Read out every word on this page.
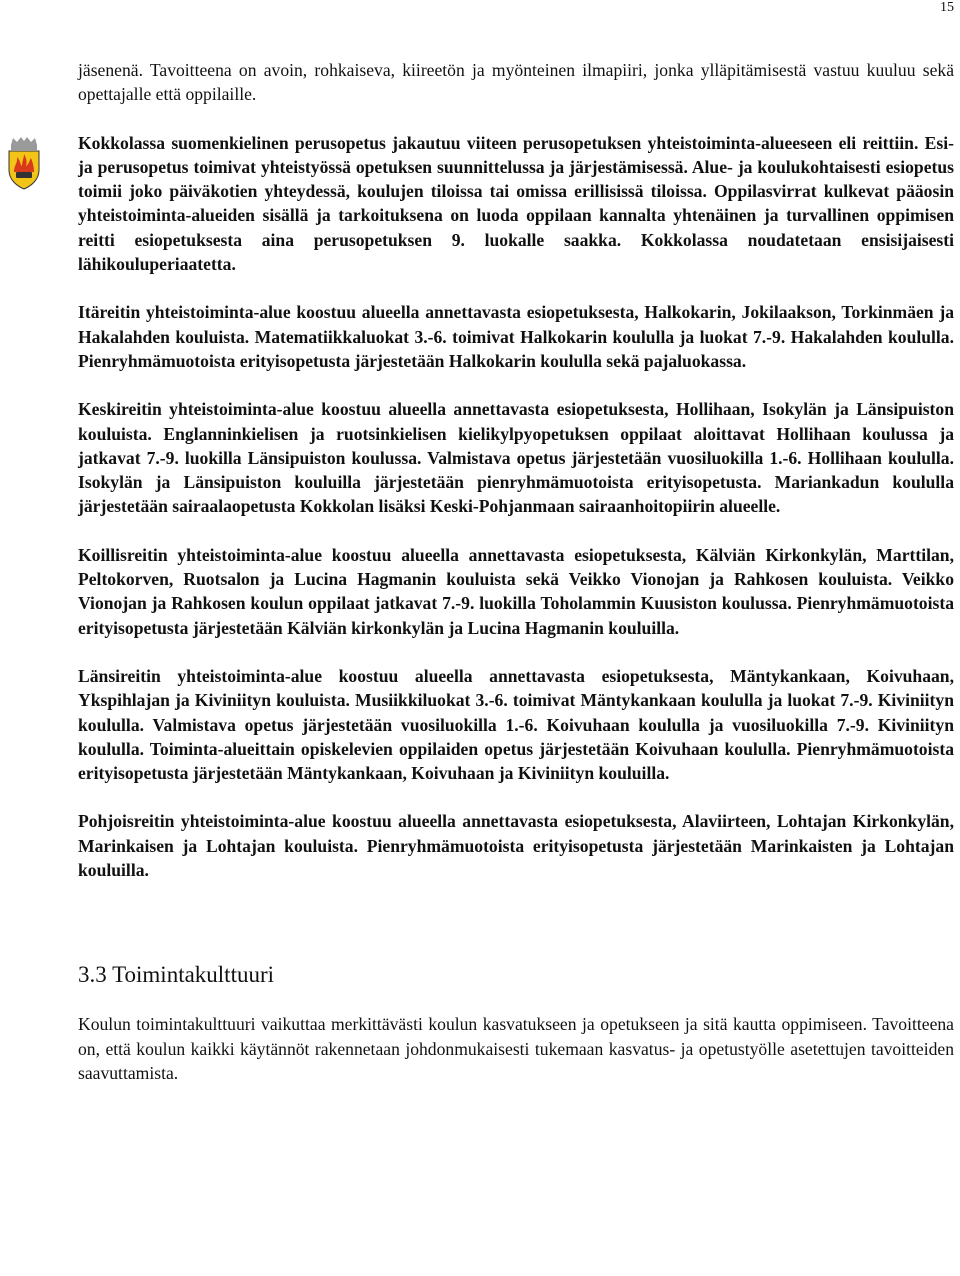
15

jäsenenä. Tavoitteena on avoin, rohkaiseva, kiireetön ja myönteinen ilmapiiri, jonka ylläpitämisestä vastuu kuuluu sekä opettajalle että oppilaille.

Kokkolassa suomenkielinen perusopetus jakautuu viiteen perusopetuksen yhteistoiminta-alueeseen eli reittiin. Esi- ja perusopetus toimivat yhteistyössä opetuksen suunnittelussa ja järjestämisessä. Alue- ja koulukohtaisesti esiopetus toimii joko päiväkotien yhteydessä, koulujen tiloissa tai omissa erillisissä tiloissa. Oppilasvirrat kulkevat pääosin yhteistoiminta-alueiden sisällä ja tarkoituksena on luoda oppilaan kannalta yhtenäinen ja turvallinen oppimisen reitti esiopetuksesta aina perusopetuksen 9. luokalle saakka. Kokkolassa noudatetaan ensisijaisesti lähikouluperiaatetta.

Itäreitin yhteistoiminta-alue koostuu alueella annettavasta esiopetuksesta, Halkokarin, Jokilaakson, Torkinmäen ja Hakalahden kouluista. Matematiikkaluokat 3.-6. toimivat Halkokarin koululla ja luokat 7.-9. Hakalahden koululla. Pienryhmämuotoista erityisopetusta järjestetään Halkokarin koululla sekä pajaluokassa.

Keskireitin yhteistoiminta-alue koostuu alueella annettavasta esiopetuksesta, Hollihaan, Isokylän ja Länsipuiston kouluista. Englanninkielisen ja ruotsinkielisen kielikylpyopetuksen oppilaat aloittavat Hollihaan koulussa ja jatkavat 7.-9. luokilla Länsipuiston koulussa. Valmistava opetus järjestetään vuosiluokilla 1.-6. Hollihaan koululla. Isokylän ja Länsipuiston kouluilla järjestetään pienryhmämuotoista erityisopetusta. Mariankadun koululla järjestetään sairaalaopetusta Kokkolan lisäksi Keski-Pohjanmaan sairaanhoitopiirin alueelle.

Koillisreitin yhteistoiminta-alue koostuu alueella annettavasta esiopetuksesta, Kälviän Kirkonkylän, Marttilan, Peltokorven, Ruotsalon ja Lucina Hagmanin kouluista sekä Veikko Vionojan ja Rahkosen kouluista. Veikko Vionojan ja Rahkosen koulun oppilaat jatkavat 7.-9. luokilla Toholammin Kuusiston koulussa. Pienryhmämuotoista erityisopetusta järjestetään Kälviän kirkonkylän ja Lucina Hagmanin kouluilla.

Länsireitin yhteistoiminta-alue koostuu alueella annettavasta esiopetuksesta, Mäntykankaan, Koivuhaan, Ykspihlajan ja Kiviniityn kouluista. Musiikkiluokat 3.-6. toimivat Mäntykankaan koululla ja luokat 7.-9. Kiviniityn koululla. Valmistava opetus järjestetään vuosiluokilla 1.-6. Koivuhaan koululla ja vuosiluokilla 7.-9. Kiviniityn koululla. Toiminta-alueittain opiskelevien oppilaiden opetus järjestetään Koivuhaan koululla. Pienryhmämuotoista erityisopetusta järjestetään Mäntykankaan, Koivuhaan ja Kiviniityn kouluilla.

Pohjoisreitin yhteistoiminta-alue koostuu alueella annettavasta esiopetuksesta, Alaviirteen, Lohtajan Kirkonkylän, Marinkaisen ja Lohtajan kouluista. Pienryhmämuotoista erityisopetusta järjestetään Marinkaisten ja Lohtajan kouluilla.

3.3 Toimintakulttuuri

Koulun toimintakulttuuri vaikuttaa merkittävästi koulun kasvatukseen ja opetukseen ja sitä kautta oppimiseen. Tavoitteena on, että koulun kaikki käytännöt rakennetaan johdonmukaisesti tukemaan kasvatus- ja opetustyölle asetettujen tavoitteiden saavuttamista.
